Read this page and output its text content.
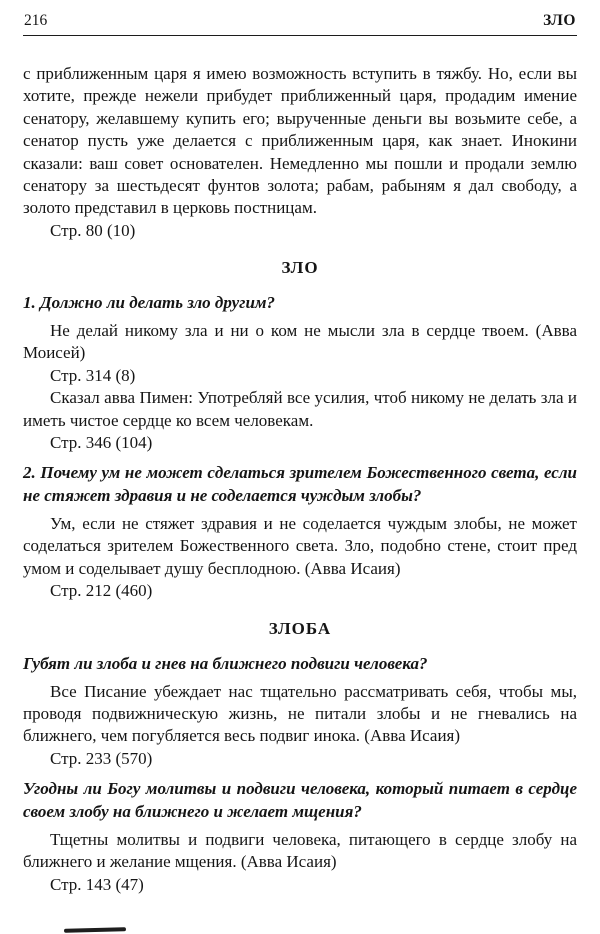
216	ЗЛО

с приближенным царя я имею возможность вступить в тяжбу. Но, если вы хотите, прежде нежели прибудет приближенный царя, продадим имение сенатору, желавшему купить его; вырученные деньги вы возьмите себе, а сенатор пусть уже делается с приближенным царя, как знает. Инокини сказали: ваш совет основателен. Немедленно мы пошли и продали землю сенатору за шестьдесят фунтов золота; рабам, рабыням я дал свободу, а золото представил в церковь постницам.

Стр. 80 (10)

ЗЛО

1. Должно ли делать зло другим?

Не делай никому зла и ни о ком не мысли зла в сердце твоем. (Авва Моисей)

Стр. 314 (8)

Сказал авва Пимен: Употребляй все усилия, чтоб никому не делать зла и иметь чистое сердце ко всем человекам.

Стр. 346 (104)

2. Почему ум не может сделаться зрителем Божественного света, если не стяжет здравия и не соделается чуждым злобы?

Ум, если не стяжет здравия и не соделается чуждым злобы, не может соделаться зрителем Божественного света. Зло, подобно стене, стоит пред умом и соделывает душу бесплодною. (Авва Исаия)

Стр. 212 (460)

ЗЛОБА

Губят ли злоба и гнев на ближнего подвиги человека?

Все Писание убеждает нас тщательно рассматривать себя, чтобы мы, проводя подвижническую жизнь, не питали злобы и не гневались на ближнего, чем погубляется весь подвиг инока. (Авва Исаия)

Стр. 233 (570)

Угодны ли Богу молитвы и подвиги человека, который питает в сердце своем злобу на ближнего и желает мщения?

Тщетны молитвы и подвиги человека, питающего в сердце злобу на ближнего и желание мщения. (Авва Исаия)

Стр. 143 (47)
